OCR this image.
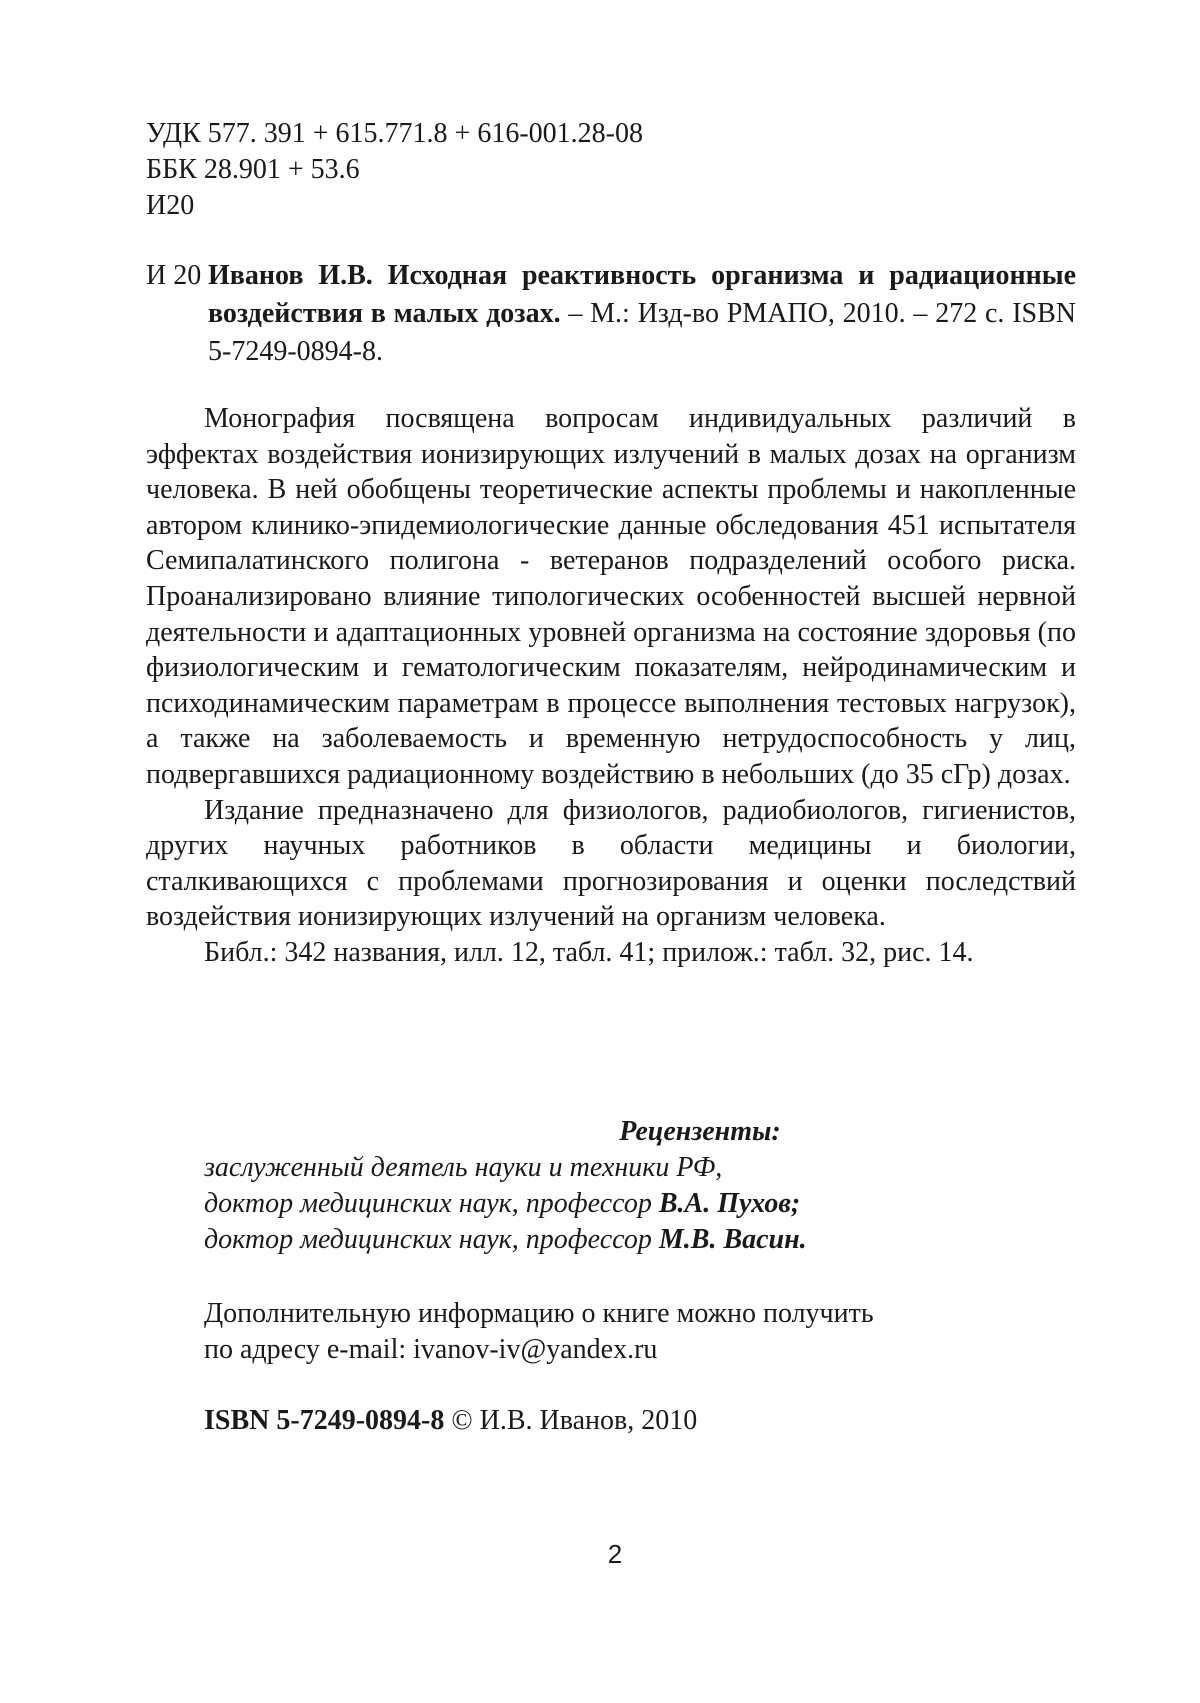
УДК 577. 391 + 615.771.8 + 616-001.28-08
ББК 28.901 + 53.6
И20
И 20 Иванов И.В. Исходная реактивность организма и радиационные воздействия в малых дозах. – М.: Изд-во РМАПО, 2010. – 272 с. ISBN 5-7249-0894-8.

Монография посвящена вопросам индивидуальных различий в эффектах воздействия ионизирующих излучений в малых дозах на организм человека. В ней обобщены теоретические аспекты проблемы и накопленные автором клинико-эпидемиологические данные обследования 451 испытателя Семипалатинского полигона - ветеранов подразделений особого риска. Проанализировано влияние типологических особенностей высшей нервной деятельности и адаптационных уровней организма на состояние здоровья (по физиологическим и гематологическим показателям, нейродинамическим и психодинамическим параметрам в процессе выполнения тестовых нагрузок), а также на заболеваемость и временную нетрудоспособность у лиц, подвергавшихся радиационному воздействию в небольших (до 35 сГр) дозах.

Издание предназначено для физиологов, радиобиологов, гигиенистов, других научных работников в области медицины и биологии, сталкивающихся с проблемами прогнозирования и оценки последствий воздействия ионизирующих излучений на организм человека.

Библ.: 342 названия, илл. 12, табл. 41; прилож.: табл. 32, рис. 14.

Рецензенты:
заслуженный деятель науки и техники РФ,
доктор медицинских наук, профессор В.А. Пухов;
доктор медицинских наук, профессор М.В. Васин.
Дополнительную информацию о книге можно получить
по адресу e-mail: ivanov-iv@yandex.ru
ISBN 5-7249-0894-8 © И.В. Иванов, 2010
2
